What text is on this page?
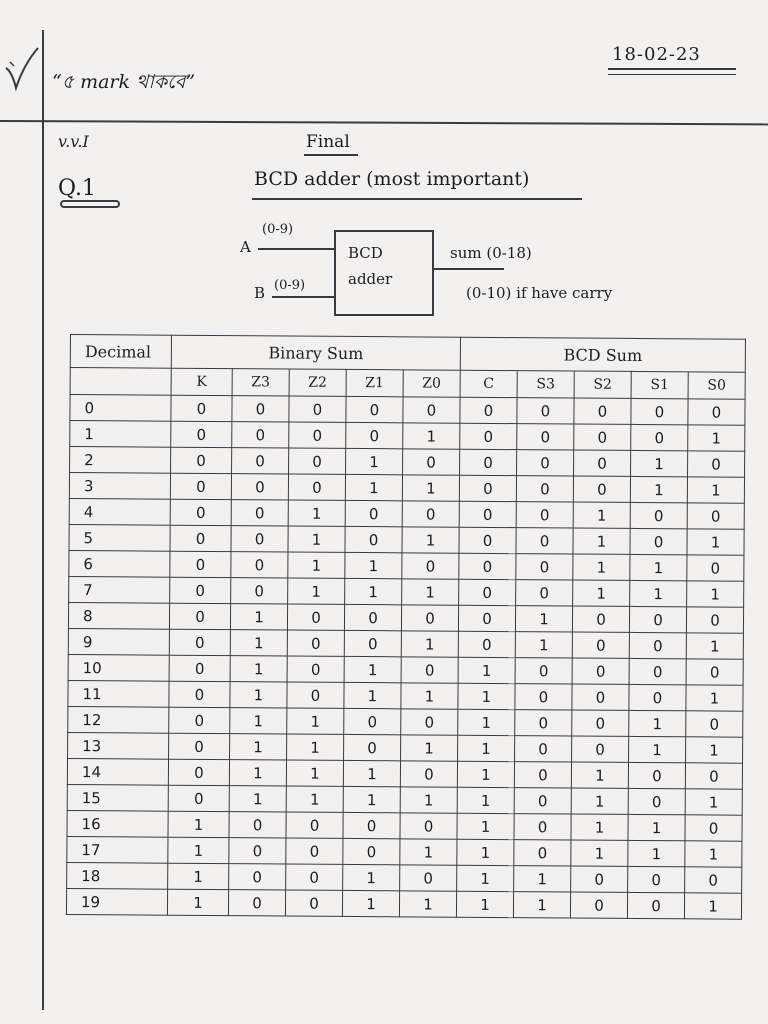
“৫ mark থাকবে”
18-02-23
v.v.I
Q.1
Final
BCD adder (most important)
BCD
adder
A
(0-9)
B (0-9)
sum (0-18)
(0-10) if have carry
Decimal	Binary Sum					BCD Sum				
	K	Z3	Z2	Z1	Z0	C	S3	S2	S1	S0
0	0	0	0	0	0	0	0	0	0	0
1	0	0	0	0	1	0	0	0	0	1
2	0	0	0	1	0	0	0	0	1	0
3	0	0	0	1	1	0	0	0	1	1
4	0	0	1	0	0	0	0	1	0	0
5	0	0	1	0	1	0	0	1	0	1
6	0	0	1	1	0	0	0	1	1	0
7	0	0	1	1	1	0	0	1	1	1
8	0	1	0	0	0	0	1	0	0	0
9	0	1	0	0	1	0	1	0	0	1
10	0	1	0	1	0	1	0	0	0	0
11	0	1	0	1	1	1	0	0	0	1
12	0	1	1	0	0	1	0	0	1	0
13	0	1	1	0	1	1	0	0	1	1
14	0	1	1	1	0	1	0	1	0	0
15	0	1	1	1	1	1	0	1	0	1
16	1	0	0	0	0	1	0	1	1	0
17	1	0	0	0	1	1	0	1	1	1
18	1	0	0	1	0	1	1	0	0	0
19	1	0	0	1	1	1	1	0	0	1
